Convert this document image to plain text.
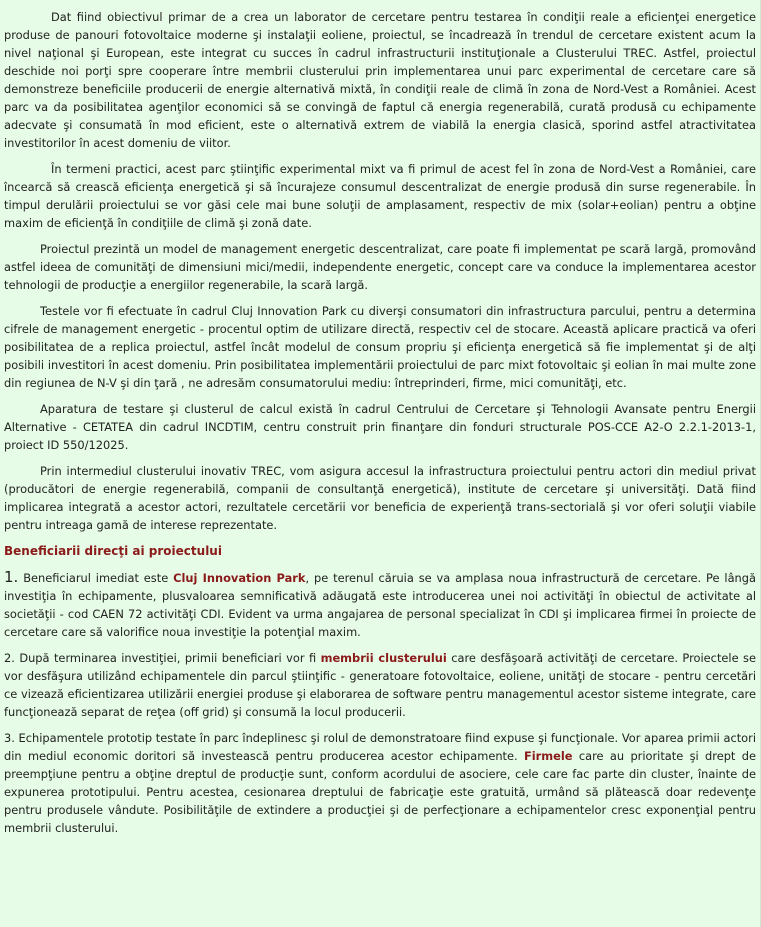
Dat fiind obiectivul primar de a crea un laborator de cercetare pentru testarea în condiţii reale a eficienţei energetice produse de panouri fotovoltaice moderne şi instalaţii eoliene, proiectul, se încadrează în trendul de cercetare existent acum la nivel naţional şi European, este integrat cu succes în cadrul infrastructurii instituţionale a Clusterului TREC. Astfel, proiectul deschide noi porţi spre cooperare între membrii clusterului prin implementarea unui parc experimental de cercetare care să demonstreze beneficiile producerii de energie alternativă mixtă, în condiţii reale de climă în zona de Nord-Vest a României. Acest parc va da posibilitatea agenţilor economici să se convingă de faptul că energia regenerabilă, curată produsă cu echipamente adecvate şi consumată în mod eficient, este o alternativă extrem de viabilă la energia clasică, sporind astfel atractivitatea investitorilor în acest domeniu de viitor.

În termeni practici, acest parc ştiinţific experimental mixt va fi primul de acest fel în zona de Nord-Vest a României, care încearcă să crească eficienţa energetică şi să încurajeze consumul descentralizat de energie produsă din surse regenerabile. În timpul derulării proiectului se vor găsi cele mai bune soluţii de amplasament, respectiv de mix (solar+eolian) pentru a obţine maxim de eficienţă în condiţiile de climă şi zonă date.

Proiectul prezintă un model de management energetic descentralizat, care poate fi implementat pe scară largă, promovând astfel ideea de comunităţi de dimensiuni mici/medii, independente energetic, concept care va conduce la implementarea acestor tehnologii de producţie a energiilor regenerabile, la scară largă.

Testele vor fi efectuate în cadrul Cluj Innovation Park cu diverşi consumatori din infrastructura parcului, pentru a determina cifrele de management energetic - procentul optim de utilizare directă, respectiv cel de stocare. Această aplicare practică va oferi posibilitatea de a replica proiectul, astfel încât modelul de consum propriu şi eficienţa energetică să fie implementat şi de alţi posibili investitori în acest domeniu. Prin posibilitatea implementării proiectului de parc mixt fotovoltaic şi eolian în mai multe zone din regiunea de N-V şi din ţară , ne adresăm consumatorului mediu: întreprinderi, firme, mici comunităţi, etc.

Aparatura de testare şi clusterul de calcul există în cadrul Centrului de Cercetare şi Tehnologii Avansate pentru Energii Alternative - CETATEA din cadrul INCDTIM, centru construit prin finanţare din fonduri structurale POS-CCE A2-O 2.2.1-2013-1, proiect ID 550/12025.

Prin intermediul clusterului inovativ TREC, vom asigura accesul la infrastructura proiectului pentru actori din mediul privat (producători de energie regenerabilă, companii de consultanţă energetică), institute de cercetare şi universităţi. Dată fiind implicarea integrată a acestor actori, rezultatele cercetării vor beneficia de experienţă trans-sectorială şi vor oferi soluţii viabile pentru intreaga gamă de interese reprezentate.

Beneficiarii direcţi ai proiectului

1. Beneficiarul imediat este Cluj Innovation Park, pe terenul căruia se va amplasa noua infrastructură de cercetare. Pe lângă investiţia în echipamente, plusvaloarea semnificativă adăugată este introducerea unei noi activităţi în obiectul de activitate al societăţii - cod CAEN 72 activităţi CDI. Evident va urma angajarea de personal specializat în CDI şi implicarea firmei în proiecte de cercetare care să valorifice noua investiţie la potenţial maxim.

2. După terminarea investiţiei, primii beneficiari vor fi membrii clusterului care desfăşoară activităţi de cercetare. Proiectele se vor desfăşura utilizând echipamentele din parcul ştiinţific - generatoare fotovoltaice, eoliene, unităţi de stocare - pentru cercetări ce vizează eficientizarea utilizării energiei produse şi elaborarea de software pentru managementul acestor sisteme integrate, care funcţionează separat de reţea (off grid) şi consumă la locul producerii.

3. Echipamentele prototip testate în parc îndeplinesc şi rolul de demonstratoare fiind expuse şi funcţionale. Vor aparea primii actori din mediul economic doritori să investească pentru producerea acestor echipamente. Firmele care au prioritate şi drept de preempţiune pentru a obţine dreptul de producţie sunt, conform acordului de asociere, cele care fac parte din cluster, înainte de expunerea prototipului. Pentru acestea, cesionarea dreptului de fabricaţie este gratuită, urmând să plătească doar redevenţe pentru produsele vândute. Posibilităţile de extindere a producţiei şi de perfecţionare a echipamentelor cresc exponenţial pentru membrii clusterului.
